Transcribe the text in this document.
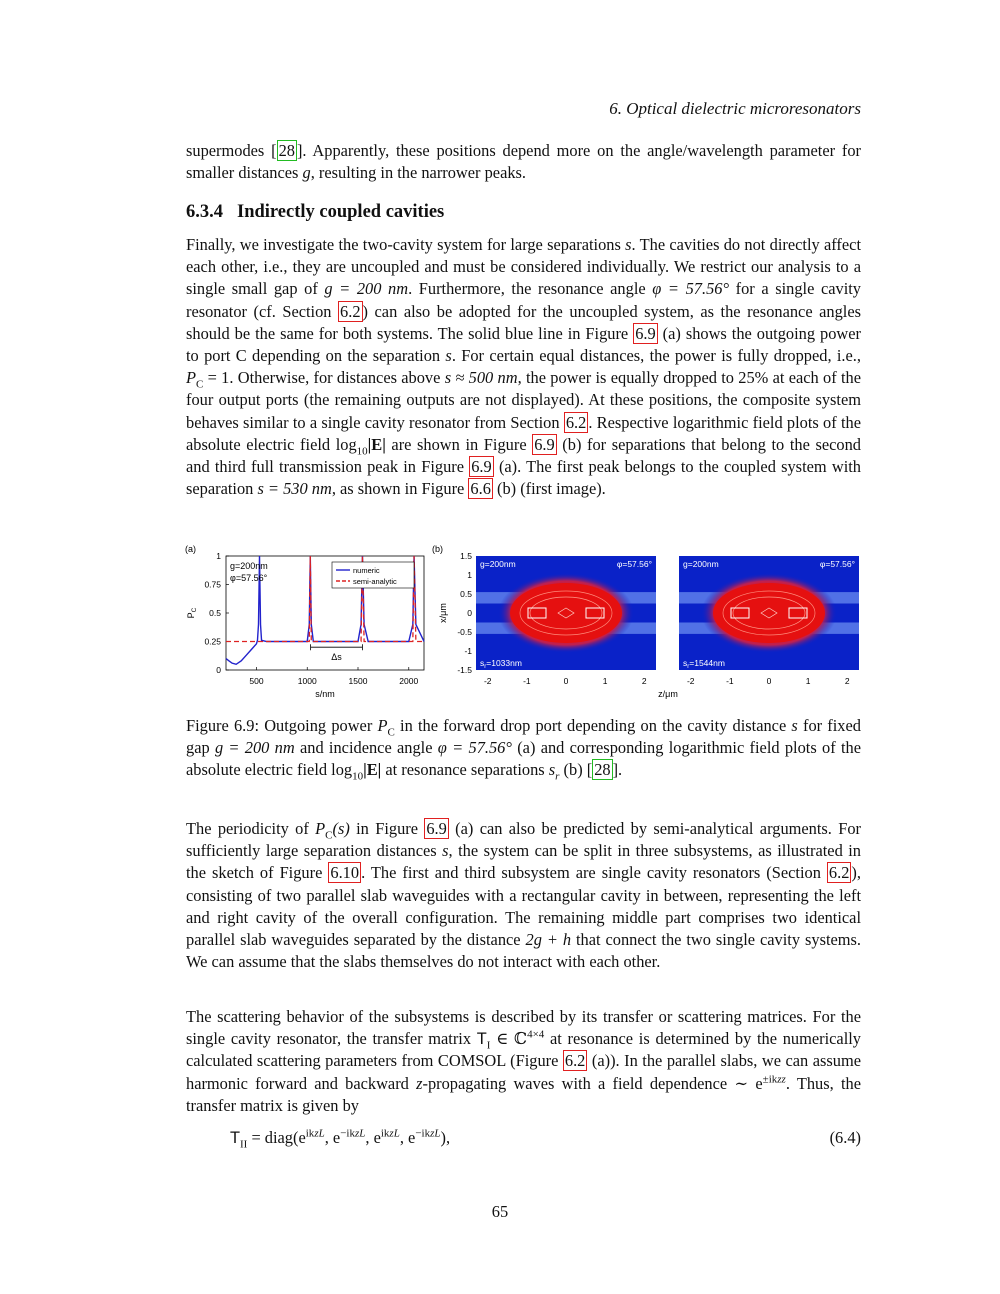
6. Optical dielectric microresonators
supermodes [ 28 ]. Apparently, these positions depend more on the angle/wavelength parameter for smaller distances g, resulting in the narrower peaks.
6.3.4 Indirectly coupled cavities
Finally, we investigate the two-cavity system for large separations s. The cavities do not directly affect each other, i.e., they are uncoupled and must be considered individually. We restrict our analysis to a single small gap of g = 200 nm. Furthermore, the resonance angle φ = 57.56° for a single cavity resonator (cf. Section 6.2 ) can also be adopted for the uncoupled system, as the resonance angles should be the same for both systems. The solid blue line in Figure 6.9 (a) shows the outgoing power to port C depending on the separation s. For certain equal distances, the power is fully dropped, i.e., $P_C = 1$. Otherwise, for distances above s ≈ 500 nm, the power is equally dropped to 25% at each of the four output ports (the remaining outputs are not displayed). At these positions, the composite system behaves similar to a single cavity resonator from Section 6.2 . Respective logarithmic field plots of the absolute electric field $\log_{10}|E|$ are shown in Figure 6.9 (b) for separations that belong to the second and third full transmission peak in Figure 6.9 (a). The first peak belongs to the coupled system with separation s = 530 nm, as shown in Figure 6.6 (b) (first image).
(a)
0
0.25
0.5
0.75
1
500	1000	1500	2000
s/nm
$P_C$
g=200nm
φ=57.56°
Δs
numeric
semi-analytic
(b)
-1.5
-1
-0.5
0
0.5
1
1.5
x/μm
g=200nm	φ=57.56°
$s_r=1033nm$
-2	-1	0	1	2
g=200nm	φ=57.56°
$s_r=1544nm$
-2	-1	0	1	2
z/μm
Figure 6.9: Outgoing power $P_C$ in the forward drop port depending on the cavity distance s for fixed gap g = 200 nm and incidence angle φ = 57.56° (a) and corresponding logarithmic field plots of the absolute electric field $\log_{10}|E|$ at resonance separations $s_r$ (b) [ 28 ].
The periodicity of $P_C(s)$ in Figure 6.9 (a) can also be predicted by semi-analytical arguments. For sufficiently large separation distances s, the system can be split in three subsystems, as illustrated in the sketch of Figure 6.10 . The first and third subsystem are single cavity resonators (Section 6.2 ), consisting of two parallel slab waveguides with a rectangular cavity in between, representing the left and right cavity of the overall configuration. The remaining middle part comprises two identical parallel slab waveguides separated by the distance 2g + h that connect the two single cavity systems. We can assume that the slabs themselves do not interact with each other.
The scattering behavior of the subsystems is described by its transfer or scattering matrices. For the single cavity resonator, the transfer matrix $T_I$ ∈ ℂ$^{4\times 4}$ at resonance is determined by the numerically calculated scattering parameters from COMSOL (Figure 6.2 (a)). In the parallel slabs, we can assume harmonic forward and backward z-propagating waves with a field dependence ∼ $e^{\pm ikzz}$. Thus, the transfer matrix is given by
$T_{II}$ = $diag(e^{ikzL}$, $e^{-ikzL}$, $e^{ikzL}$, $e^{-ikzL}$),	(6.4)
65
